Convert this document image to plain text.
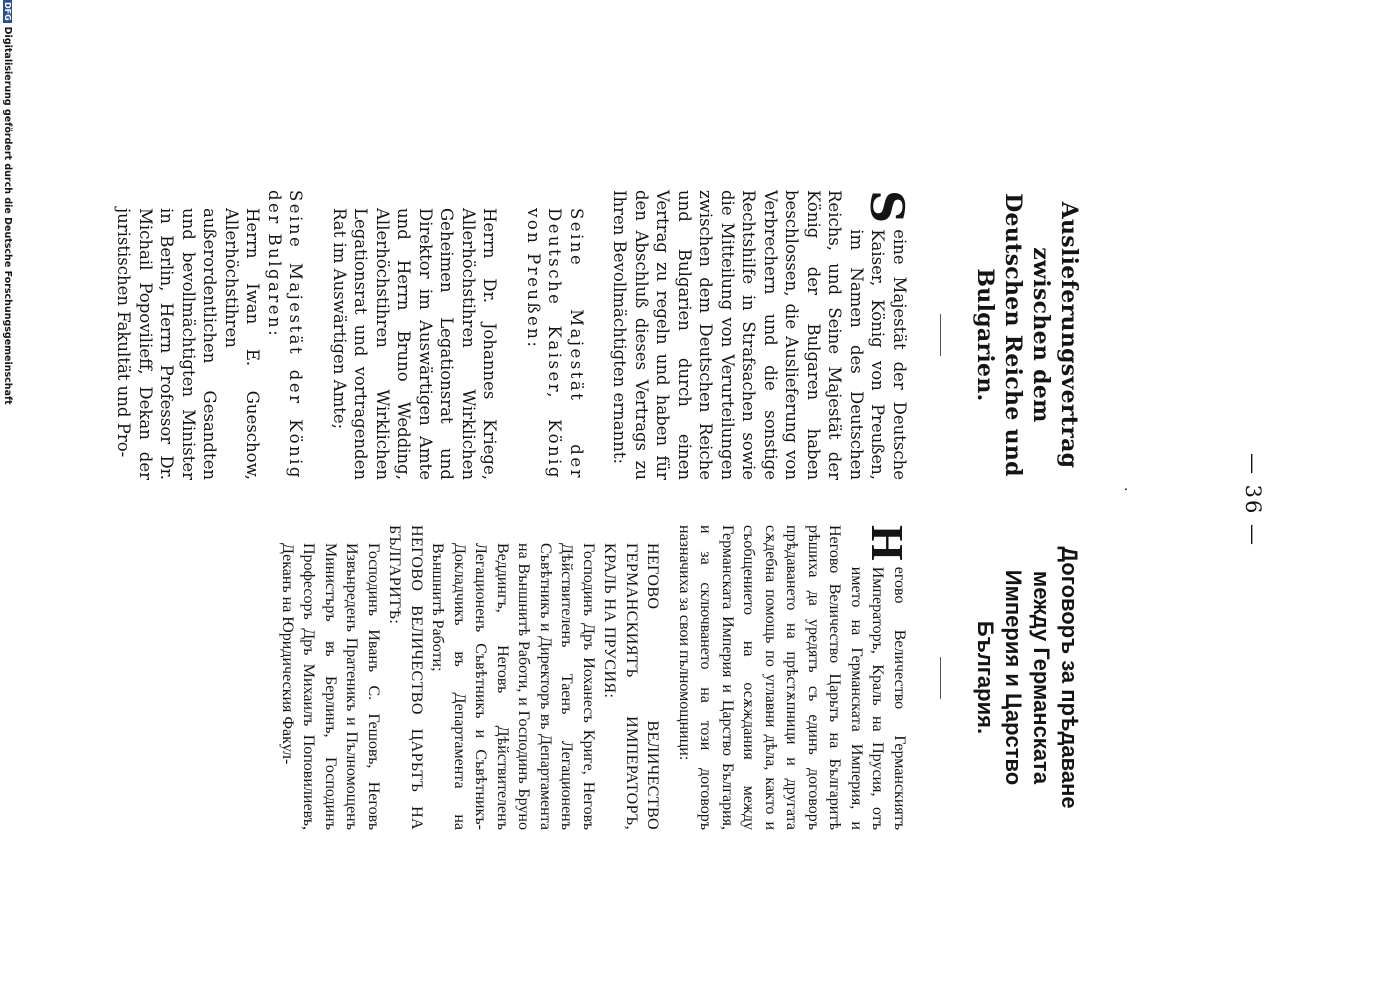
— 36 —
·
Auslieferungsvertrag zwischen dem Deutschen Reiche und Bulgarien.

S
eine Majestät der Deutsche Kaiser, König von Preußen, im Namen des Deutschen Reichs, und Seine Majestät der König der Bulgaren haben beschlossen, die Auslieferung von Verbrechern und die sonstige Rechtshilfe in Strafsachen sowie die Mitteilung von Verurteilungen zwischen dem Deutschen Reiche und Bulgarien durch einen Vertrag zu regeln und haben für den Abschluß dieses Vertrags zu Ihren Bevollmächtigten ernannt:

Seine Majestät der Deutsche Kaiser, König von Preußen:

Herrn Dr. Johannes Kriege, Allerhöchstihren Wirklichen Geheimen Legationsrat und Direktor im Auswärtigen Amte und Herrn Bruno Wedding, Allerhöchstihren Wirklichen Legationsrat und vortragenden Rat im Auswärtigen Amte;

Seine Majestät der König der Bulgaren:

Herrn Iwan E. Gueschow, Allerhöchstihren außerordentlichen Gesandten und bevollmächtigten Minister in Berlin, Herrn Professor Dr. Michail Popovilieff, Dekan der juristischen Fakultät und Pro-

Договоръ за прѣдаване между Германската Империя и Царство България.

Н
егово Величество Германскиятъ Императоръ, Краль на Прусия, отъ името на Германската Империя, и Негово Величество Царьтъ на Българитѣ рѣшиха да уредятъ съ единъ договоръ прѣдаването на прѣстѫпници и другата сѫдебна помощь по углавни дѣла, както и съобщението на осѫждания между Германската Империя и Царство България, и за сключването на този договоръ назначиха за свои пълномощници:

НЕГОВО ВЕЛИЧЕСТВО ГЕРМАНСКИЯТЪ ИМПЕРАТОРЪ, КРАЛЬ НА ПРУСИЯ:

Господинъ Дръ Иоханесъ Кригe, Неговъ Дѣйствителенъ Таенъ Легационенъ Съвѣтникъ и Директоръ въ Департамента на Външнитѣ Работи, и Господинъ Бруно Веддингъ, Неговъ Дѣйствителенъ Легационенъ Съвѣтникъ и Съвѣтникъ-Докладчикъ въ Департамента на Външнитѣ Работи;

НЕГОВО ВЕЛИЧЕСТВО ЦАРЬТЪ НА БЪЛГАРИТѢ:

Господинъ Иванъ С. Гешовъ, Неговъ Извънреденъ Пратеникъ и Пълномощенъ Министъръ въ Берлинъ, Господинъ Професоръ Дръ Михаилъ Поповилиевъ, Деканъ на Юридическия Факул-

DFGDigitalisierung gefördert durch die Deutsche Forschungsgemeinschaft
